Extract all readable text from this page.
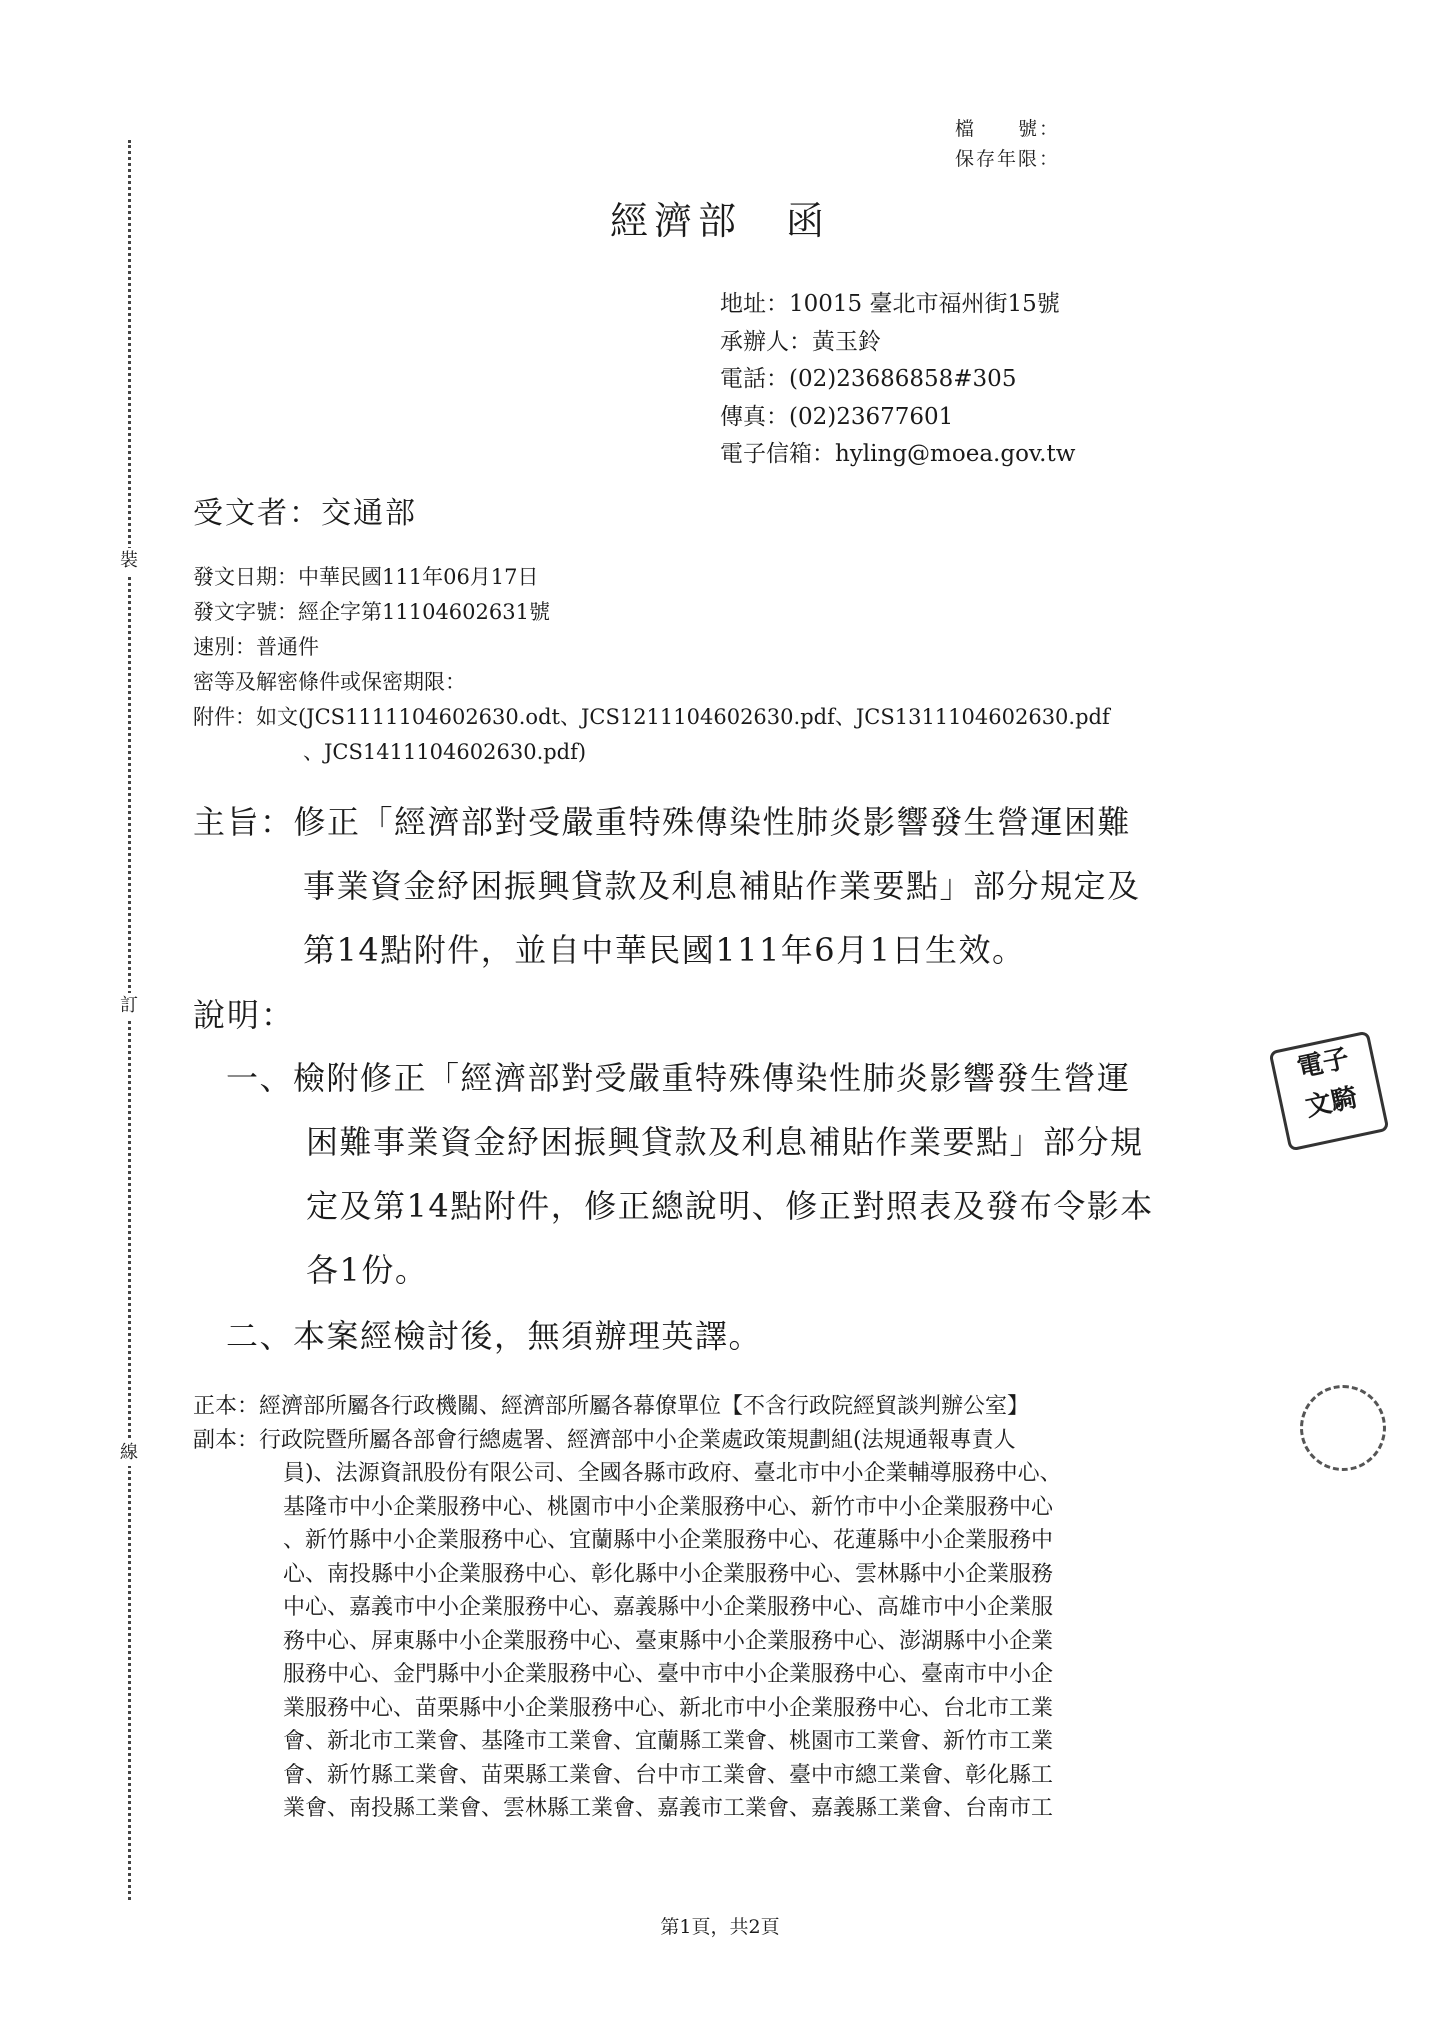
裝
訂
線
檔　　號：
保存年限：
經濟部　函
地址：10015 臺北市福州街15號
承辦人：黃玉鈴
電話：(02)23686858#305
傳真：(02)23677601
電子信箱：hyling@moea.gov.tw
受文者：交通部
發文日期：中華民國111年06月17日
發文字號：經企字第11104602631號
速別：普通件
密等及解密條件或保密期限：
附件：如文(JCS1111104602630.odt、JCS1211104602630.pdf、JCS1311104602630.pdf
、JCS1411104602630.pdf)
主旨：修正「經濟部對受嚴重特殊傳染性肺炎影響發生營運困難
事業資金紓困振興貸款及利息補貼作業要點」部分規定及
第14點附件，並自中華民國111年6月1日生效。
說明：
一、檢附修正「經濟部對受嚴重特殊傳染性肺炎影響發生營運
困難事業資金紓困振興貸款及利息補貼作業要點」部分規
定及第14點附件，修正總說明、修正對照表及發布令影本
各1份。
二、本案經檢討後，無須辦理英譯。
正本：經濟部所屬各行政機關、經濟部所屬各幕僚單位【不含行政院經貿談判辦公室】
副本：行政院暨所屬各部會行總處署、經濟部中小企業處政策規劃組(法規通報專責人
員)、法源資訊股份有限公司、全國各縣市政府、臺北市中小企業輔導服務中心、
基隆市中小企業服務中心、桃園市中小企業服務中心、新竹市中小企業服務中心
、新竹縣中小企業服務中心、宜蘭縣中小企業服務中心、花蓮縣中小企業服務中
心、南投縣中小企業服務中心、彰化縣中小企業服務中心、雲林縣中小企業服務
中心、嘉義市中小企業服務中心、嘉義縣中小企業服務中心、高雄市中小企業服
務中心、屏東縣中小企業服務中心、臺東縣中小企業服務中心、澎湖縣中小企業
服務中心、金門縣中小企業服務中心、臺中市中小企業服務中心、臺南市中小企
業服務中心、苗栗縣中小企業服務中心、新北市中小企業服務中心、台北市工業
會、新北市工業會、基隆市工業會、宜蘭縣工業會、桃園市工業會、新竹市工業
會、新竹縣工業會、苗栗縣工業會、台中市工業會、臺中市總工業會、彰化縣工
業會、南投縣工業會、雲林縣工業會、嘉義市工業會、嘉義縣工業會、台南市工
電子
文騎
第1頁，共2頁
